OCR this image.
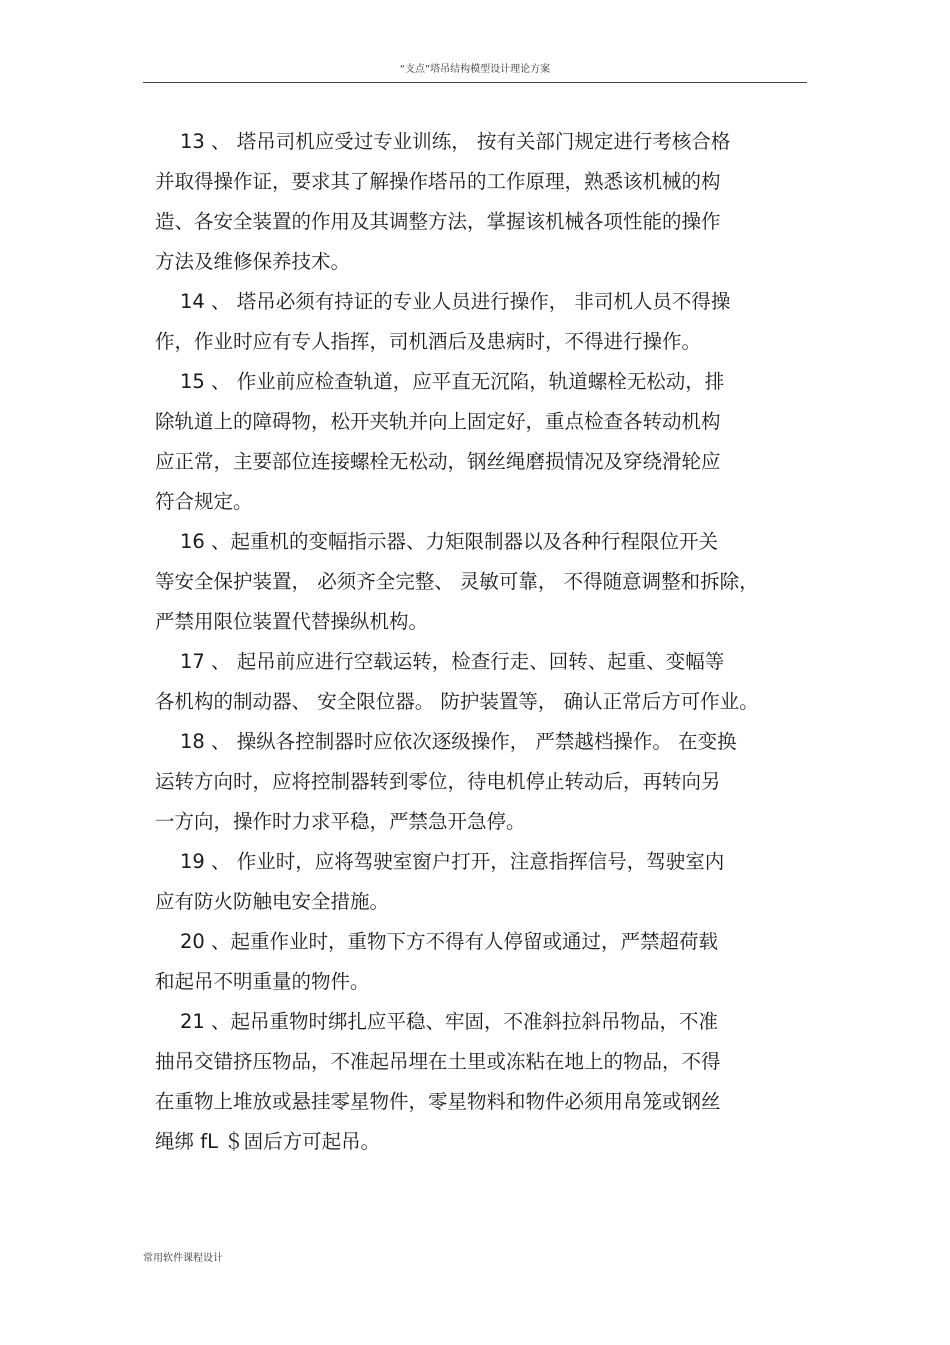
“支点”塔吊结构模型设计理论方案
13 、 塔吊司机应受过专业训练， 按有关部门规定进行考核合格
并取得操作证，要求其了解操作塔吊的工作原理，熟悉该机械的构
造、各安全装置的作用及其调整方法，掌握该机械各项性能的操作
方法及维修保养技术。
14 、 塔吊必须有持证的专业人员进行操作， 非司机人员不得操
作，作业时应有专人指挥，司机酒后及患病时，不得进行操作。
15 、 作业前应检查轨道，应平直无沉陷，轨道螺栓无松动，排
除轨道上的障碍物，松开夹轨并向上固定好，重点检查各转动机构
应正常，主要部位连接螺栓无松动，钢丝绳磨损情况及穿绕滑轮应
符合规定。
16 、起重机的变幅指示器、力矩限制器以及各种行程限位开关
等安全保护装置， 必须齐全完整、 灵敏可靠， 不得随意调整和拆除，
严禁用限位装置代替操纵机构。
17 、 起吊前应进行空载运转，检查行走、回转、起重、变幅等
各机构的制动器、 安全限位器。 防护装置等， 确认正常后方可作业。
18 、 操纵各控制器时应依次逐级操作， 严禁越档操作。 在变换
运转方向时，应将控制器转到零位，待电机停止转动后，再转向另
一方向，操作时力求平稳，严禁急开急停。
19 、 作业时，应将驾驶室窗户打开，注意指挥信号，驾驶室内
应有防火防触电安全措施。
20 、起重作业时，重物下方不得有人停留或通过，严禁超荷载
和起吊不明重量的物件。
21 、起吊重物时绑扎应平稳、牢固，不准斜拉斜吊物品，不准
抽吊交错挤压物品，不准起吊埋在土里或冻粘在地上的物品，不得
在重物上堆放或悬挂零星物件，零星物料和物件必须用帛笼或钢丝
绳绑 fL ＄固后方可起吊。
常用软件课程设计
